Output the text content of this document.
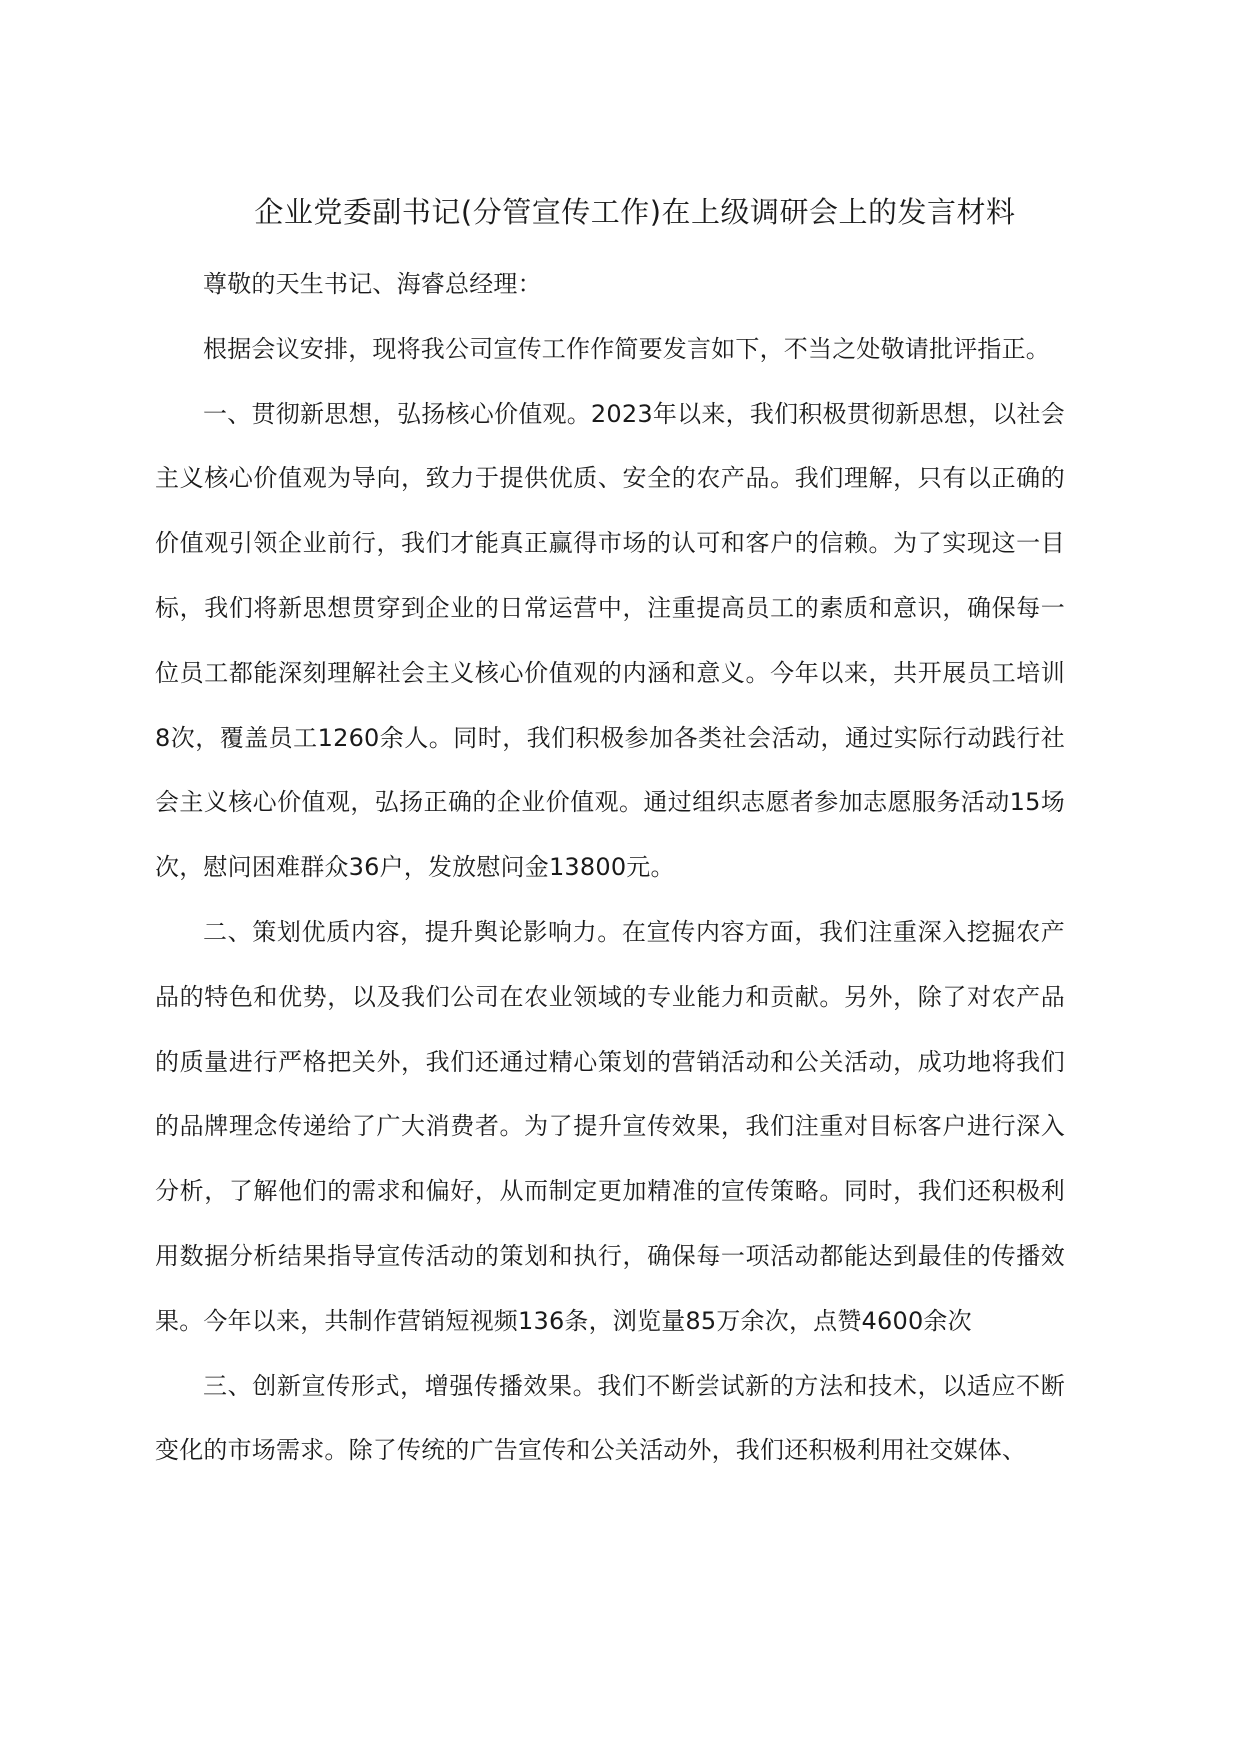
企业党委副书记(分管宣传工作)在上级调研会上的发言材料

尊敬的天生书记、海睿总经理：

根据会议安排，现将我公司宣传工作作简要发言如下，不当之处敬请批评指正。

一、贯彻新思想，弘扬核心价值观。2023年以来，我们积极贯彻新思想，以社会主义核心价值观为导向，致力于提供优质、安全的农产品。我们理解，只有以正确的价值观引领企业前行，我们才能真正赢得市场的认可和客户的信赖。为了实现这一目标，我们将新思想贯穿到企业的日常运营中，注重提高员工的素质和意识，确保每一位员工都能深刻理解社会主义核心价值观的内涵和意义。今年以来，共开展员工培训8次，覆盖员工1260余人。同时，我们积极参加各类社会活动，通过实际行动践行社会主义核心价值观，弘扬正确的企业价值观。通过组织志愿者参加志愿服务活动15场次，慰问困难群众36户，发放慰问金13800元。

二、策划优质内容，提升舆论影响力。在宣传内容方面，我们注重深入挖掘农产品的特色和优势，以及我们公司在农业领域的专业能力和贡献。另外，除了对农产品的质量进行严格把关外，我们还通过精心策划的营销活动和公关活动，成功地将我们的品牌理念传递给了广大消费者。为了提升宣传效果，我们注重对目标客户进行深入分析，了解他们的需求和偏好，从而制定更加精准的宣传策略。同时，我们还积极利用数据分析结果指导宣传活动的策划和执行，确保每一项活动都能达到最佳的传播效果。今年以来，共制作营销短视频136条，浏览量85万余次，点赞4600余次

三、创新宣传形式，增强传播效果。我们不断尝试新的方法和技术，以适应不断变化的市场需求。除了传统的广告宣传和公关活动外，我们还积极利用社交媒体、
